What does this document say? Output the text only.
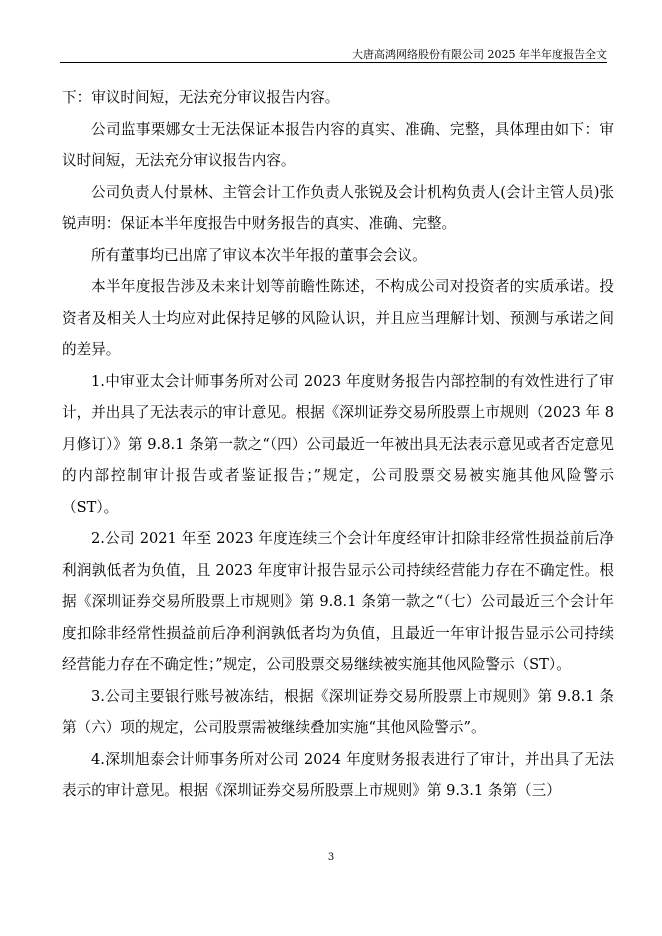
大唐高鸿网络股份有限公司 2025 年半年度报告全文

下：审议时间短，无法充分审议报告内容。

公司监事栗娜女士无法保证本报告内容的真实、准确、完整，具体理由如下：审议时间短，无法充分审议报告内容。

公司负责人付景林、主管会计工作负责人张锐及会计机构负责人(会计主管人员)张锐声明：保证本半年度报告中财务报告的真实、准确、完整。

所有董事均已出席了审议本次半年报的董事会会议。

本半年度报告涉及未来计划等前瞻性陈述，不构成公司对投资者的实质承诺。投资者及相关人士均应对此保持足够的风险认识，并且应当理解计划、预测与承诺之间的差异。

1.中审亚太会计师事务所对公司 2023 年度财务报告内部控制的有效性进行了审计，并出具了无法表示的审计意见。根据《深圳证券交易所股票上市规则（2023 年 8 月修订）》第 9.8.1 条第一款之“（四）公司最近一年被出具无法表示意见或者否定意见的内部控制审计报告或者鉴证报告；”规定，公司股票交易被实施其他风险警示（ST）。

2.公司 2021 年至 2023 年度连续三个会计年度经审计扣除非经常性损益前后净利润孰低者为负值，且 2023 年度审计报告显示公司持续经营能力存在不确定性。根据《深圳证券交易所股票上市规则》第 9.8.1 条第一款之“（七）公司最近三个会计年度扣除非经常性损益前后净利润孰低者均为负值，且最近一年审计报告显示公司持续经营能力存在不确定性；”规定，公司股票交易继续被实施其他风险警示（ST）。

3.公司主要银行账号被冻结，根据《深圳证券交易所股票上市规则》第 9.8.1 条第（六）项的规定，公司股票需被继续叠加实施“其他风险警示”。

4.深圳旭泰会计师事务所对公司 2024 年度财务报表进行了审计，并出具了无法表示的审计意见。根据《深圳证券交易所股票上市规则》第 9.3.1 条第（三）

3
